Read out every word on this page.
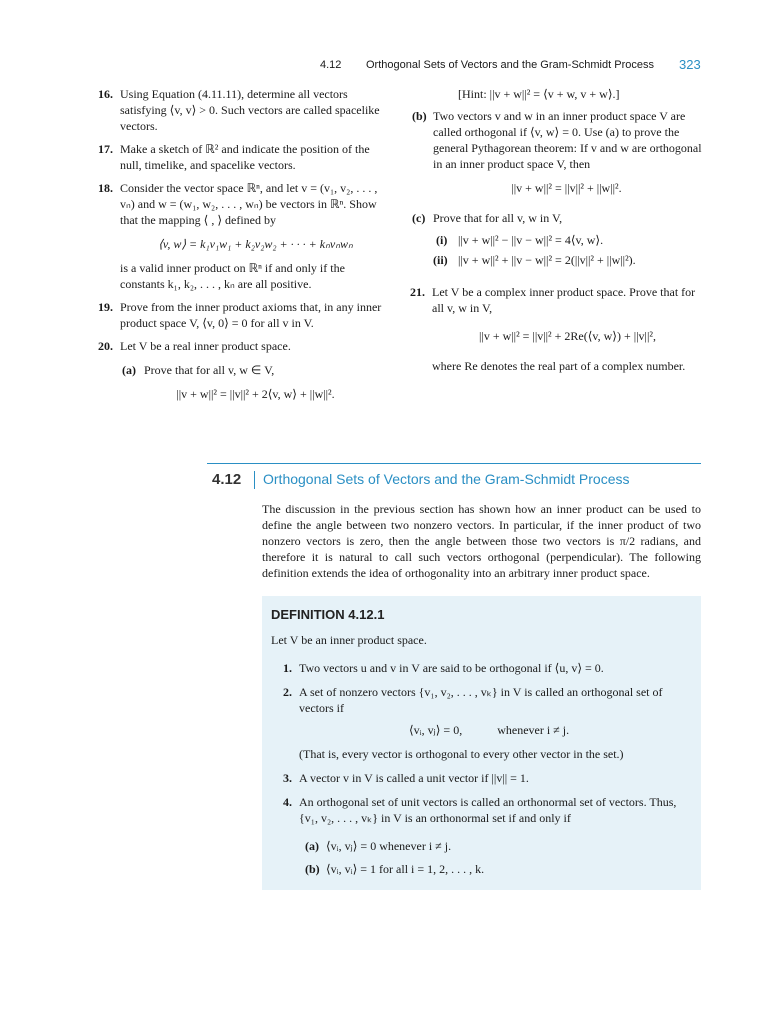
4.12 Orthogonal Sets of Vectors and the Gram-Schmidt Process 323
16. Using Equation (4.11.11), determine all vectors satisfying ⟨v, v⟩ > 0. Such vectors are called spacelike vectors.
17. Make a sketch of ℝ² and indicate the position of the null, timelike, and spacelike vectors.
18. Consider the vector space ℝⁿ, and let v = (v₁, v₂, . . . , vₙ) and w = (w₁, w₂, . . . , wₙ) be vectors in ℝⁿ. Show that the mapping ⟨ , ⟩ defined by
⟨v, w⟩ = k₁v₁w₁ + k₂v₂w₂ + · · · + kₙvₙwₙ
is a valid inner product on ℝⁿ if and only if the constants k₁, k₂, . . . , kₙ are all positive.
19. Prove from the inner product axioms that, in any inner product space V, ⟨v, 0⟩ = 0 for all v in V.
20. Let V be a real inner product space.
(a) Prove that for all v, w ∈ V,
||v + w||² = ||v||² + 2⟨v, w⟩ + ||w||².
[Hint: ||v + w||² = ⟨v + w, v + w⟩.]
(b) Two vectors v and w in an inner product space V are called orthogonal if ⟨v, w⟩ = 0. Use (a) to prove the general Pythagorean theorem: If v and w are orthogonal in an inner product space V, then
||v + w||² = ||v||² + ||w||².
(c) Prove that for all v, w in V,
(i) ||v + w||² − ||v − w||² = 4⟨v, w⟩.
(ii) ||v + w||² + ||v − w||² = 2(||v||² + ||w||²).
21. Let V be a complex inner product space. Prove that for all v, w in V,
||v + w||² = ||v||² + 2Re(⟨v, w⟩) + ||v||²,
where Re denotes the real part of a complex number.
4.12 Orthogonal Sets of Vectors and the Gram-Schmidt Process
The discussion in the previous section has shown how an inner product can be used to define the angle between two nonzero vectors. In particular, if the inner product of two nonzero vectors is zero, then the angle between those two vectors is π/2 radians, and therefore it is natural to call such vectors orthogonal (perpendicular). The following definition extends the idea of orthogonality into an arbitrary inner product space.
DEFINITION 4.12.1
Let V be an inner product space.
1. Two vectors u and v in V are said to be orthogonal if ⟨u, v⟩ = 0.
2. A set of nonzero vectors {v₁, v₂, . . . , vₖ} in V is called an orthogonal set of vectors if
⟨vᵢ, vⱼ⟩ = 0,	whenever i ≠ j.
(That is, every vector is orthogonal to every other vector in the set.)
3. A vector v in V is called a unit vector if ||v|| = 1.
4. An orthogonal set of unit vectors is called an orthonormal set of vectors. Thus, {v₁, v₂, . . . , vₖ} in V is an orthonormal set if and only if
(a) ⟨vᵢ, vⱼ⟩ = 0 whenever i ≠ j.
(b) ⟨vᵢ, vᵢ⟩ = 1 for all i = 1, 2, . . . , k.
